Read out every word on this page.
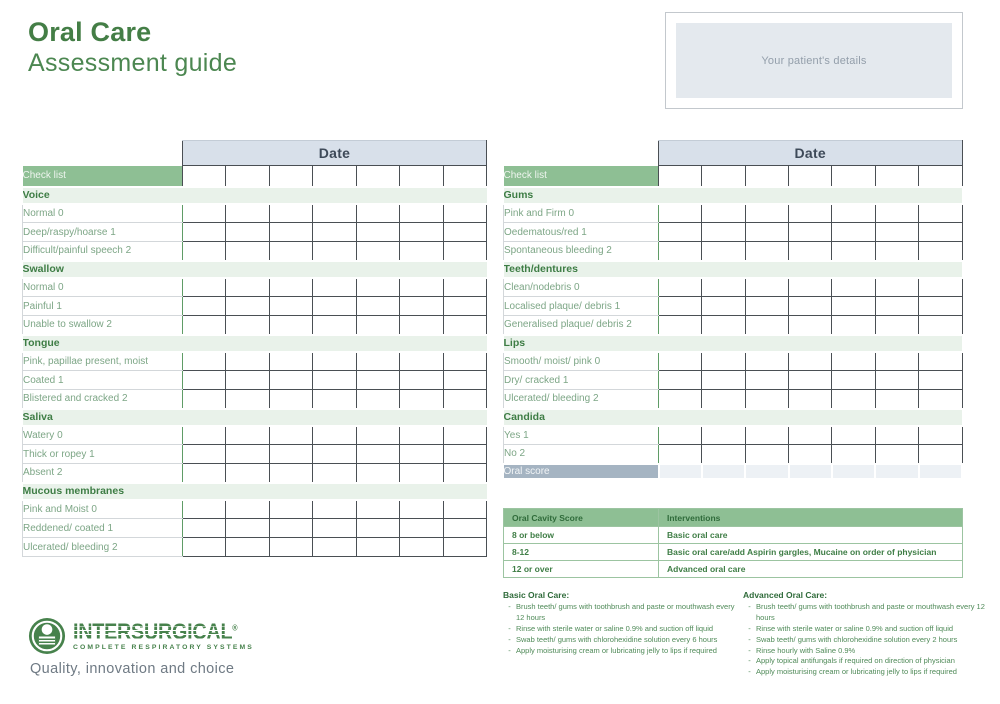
Oral Care
Assessment guide	Your patient's details
	Date						
Check list							
Voice							
Normal 0							
Deep/raspy/hoarse 1							
Difficult/painful speech 2							
Swallow							
Normal 0							
Painful 1							
Unable to swallow 2							
Tongue							
Pink, papillae present, moist							
Coated 1							
Blistered and cracked 2							
Saliva							
Watery 0							
Thick or ropey 1							
Absent 2							
Mucous membranes							
Pink and Moist 0							
Reddened/ coated 1							
Ulcerated/ bleeding 2							
	Date						
Check list							
Gums							
Pink and Firm 0							
Oedematous/red 1							
Spontaneous bleeding 2							
Teeth/dentures							
Clean/nodebris 0							
Localised plaque/ debris 1							
Generalised plaque/ debris 2							
Lips							
Smooth/ moist/ pink 0							
Dry/ cracked 1							
Ulcerated/ bleeding 2							
Candida							
Yes 1							
No 2							
Oral score							
Oral Cavity Score	Interventions
8 or below	Basic oral care
8-12	Basic oral care/add Aspirin gargles, Mucaine on order of physician
12 or over	Advanced oral care
Basic Oral Care:
- Brush teeth/ gums with toothbrush and paste or mouthwash every 12 hours
- Rinse with sterile water or saline 0.9% and suction off liquid
- Swab teeth/ gums with chlorohexidine solution every 6 hours
- Apply moisturising cream or lubricating jelly to lips if required
Advanced Oral Care:
- Brush teeth/ gums with toothbrush and paste or mouthwash every 12 hours
- Rinse with sterile water or saline 0.9% and suction off liquid
- Swab teeth/ gums with chlorohexidine solution every 2 hours
- Rinse hourly with Saline 0.9%
- Apply topical antifungals if required on direction of physician
- Apply moisturising cream or lubricating jelly to lips if required
INTERSURGICAL®
COMPLETE RESPIRATORY SYSTEMS
Quality, innovation and choice
